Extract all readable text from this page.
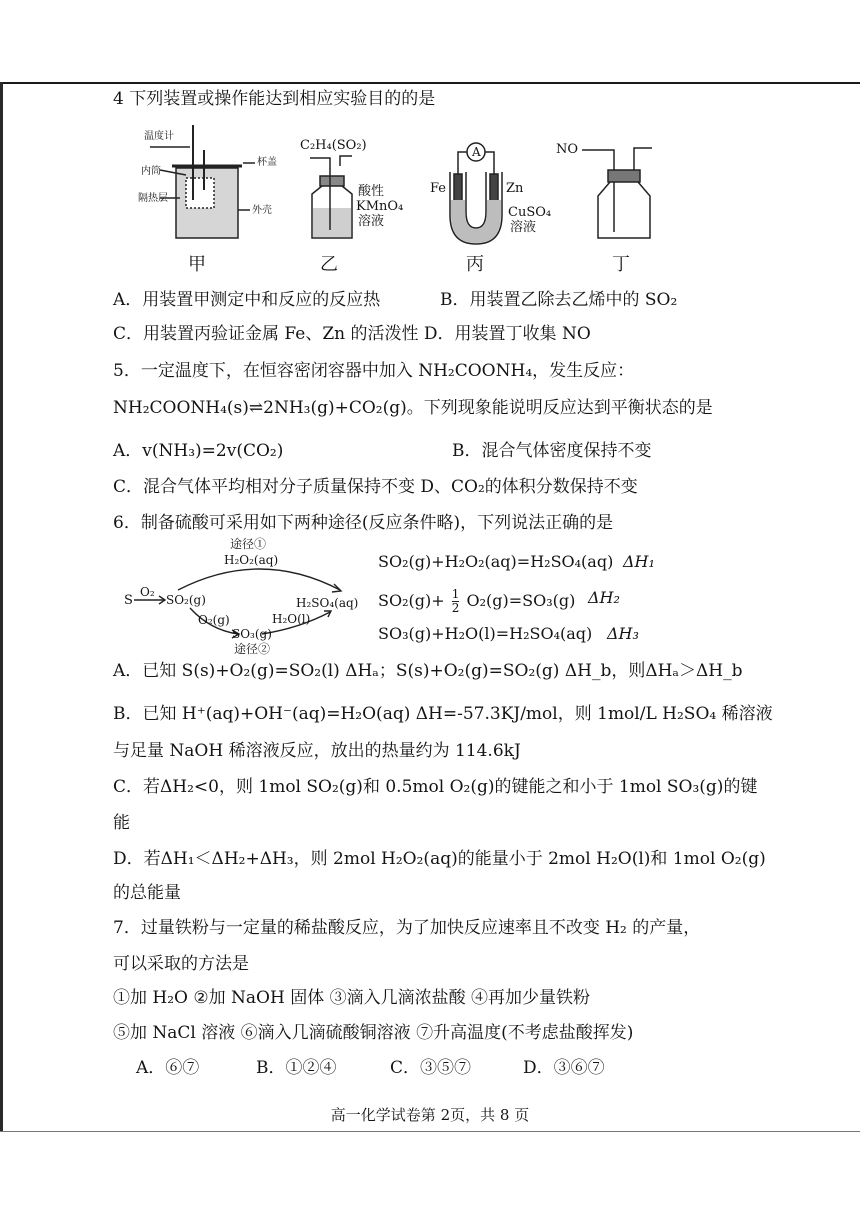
4 下列装置或操作能达到相应实验目的的是
温度计
杯盖
内筒
隔热层
外壳
C₂H₄(SO₂)
酸性
KMnO₄
溶液
A
Fe	Zn
CuSO₄
溶液
NO
甲	乙	丙	丁
A．用装置甲测定中和反应的反应热	B．用装置乙除去乙烯中的 SO₂
C．用装置丙验证金属 Fe、Zn 的活泼性 D．用装置丁收集 NO
5．一定温度下，在恒容密闭容器中加入 NH₂COONH₄，发生反应：
NH₂COONH₄(s)⇌2NH₃(g)+CO₂(g)。下列现象能说明反应达到平衡状态的是
A．v(NH₃)=2v(CO₂)	B．混合气体密度保持不变
C．混合气体平均相对分子质量保持不变 D、CO₂的体积分数保持不变
6．制备硫酸可采用如下两种途径(反应条件略)，下列说法正确的是
途径①
H₂O₂(aq)
S
O₂
SO₂(g)	H₂SO₄(aq)
O₂(g)	H₂O(l)
SO₃(g)
途径②
SO₂(g)+H₂O₂(aq)=H₂SO₄(aq) ΔH₁
$SO_2(g)+ \frac{1}{2} O_2(g)=SO_3(g)$ ΔH₂
SO₃(g)+H₂O(l)=H₂SO₄(aq) ΔH₃
A．已知 S(s)+O₂(g)=SO₂(l) ΔHₐ；S(s)+O₂(g)=SO₂(g) ΔH_b，则ΔHₐ＞ΔH_b
B．已知 H⁺(aq)+OH⁻(aq)=H₂O(aq) ΔH=-57.3KJ/mol，则 1mol/L H₂SO₄ 稀溶液
与足量 NaOH 稀溶液反应，放出的热量约为 114.6kJ
C．若ΔH₂<0，则 1mol SO₂(g)和 0.5mol O₂(g)的键能之和小于 1mol SO₃(g)的键
能
D．若ΔH₁＜ΔH₂+ΔH₃，则 2mol H₂O₂(aq)的能量小于 2mol H₂O(l)和 1mol O₂(g)
的总能量
7．过量铁粉与一定量的稀盐酸反应，为了加快反应速率且不改变 H₂ 的产量，
可以采取的方法是
①加 H₂O ②加 NaOH 固体 ③滴入几滴浓盐酸 ④再加少量铁粉
⑤加 NaCl 溶液 ⑥滴入几滴硫酸铜溶液 ⑦升高温度(不考虑盐酸挥发)
A．⑥⑦	B．①②④	C．③⑤⑦	D．③⑥⑦
高一化学试卷第 2页，共 8 页
